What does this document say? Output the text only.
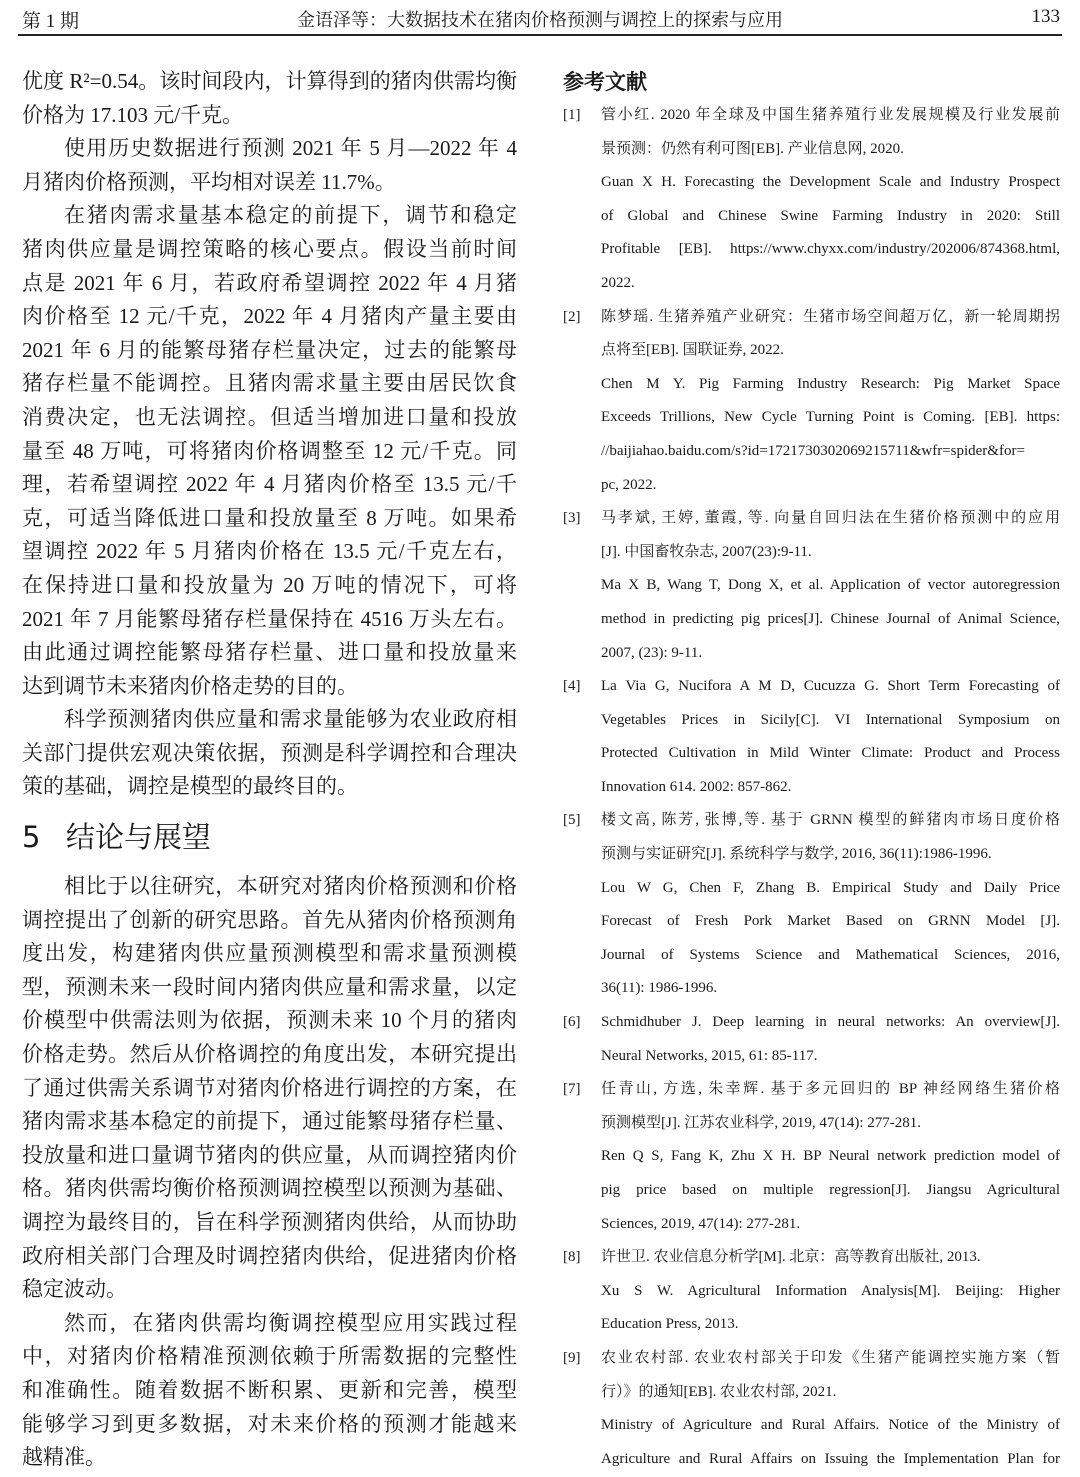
第 1 期	金语泽等：大数据技术在猪肉价格预测与调控上的探索与应用	133
优度 R²=0.54。该时间段内，计算得到的猪肉供需均衡
价格为 17.103 元/千克。
使用历史数据进行预测 2021 年 5 月—2022 年 4
月猪肉价格预测，平均相对误差 11.7%。
在猪肉需求量基本稳定的前提下，调节和稳定
猪肉供应量是调控策略的核心要点。假设当前时间
点是 2021 年 6 月，若政府希望调控 2022 年 4 月猪
肉价格至 12 元/千克，2022 年 4 月猪肉产量主要由
2021 年 6 月的能繁母猪存栏量决定，过去的能繁母
猪存栏量不能调控。且猪肉需求量主要由居民饮食
消费决定，也无法调控。但适当增加进口量和投放
量至 48 万吨，可将猪肉价格调整至 12 元/千克。同
理，若希望调控 2022 年 4 月猪肉价格至 13.5 元/千
克，可适当降低进口量和投放量至 8 万吨。如果希
望调控 2022 年 5 月猪肉价格在 13.5 元/千克左右，
在保持进口量和投放量为 20 万吨的情况下，可将
2021 年 7 月能繁母猪存栏量保持在 4516 万头左右。
由此通过调控能繁母猪存栏量、进口量和投放量来
达到调节未来猪肉价格走势的目的。
科学预测猪肉供应量和需求量能够为农业政府相
关部门提供宏观决策依据，预测是科学调控和合理决
策的基础，调控是模型的最终目的。
5 结论与展望
相比于以往研究，本研究对猪肉价格预测和价格
调控提出了创新的研究思路。首先从猪肉价格预测角
度出发，构建猪肉供应量预测模型和需求量预测模
型，预测未来一段时间内猪肉供应量和需求量，以定
价模型中供需法则为依据，预测未来 10 个月的猪肉
价格走势。然后从价格调控的角度出发，本研究提出
了通过供需关系调节对猪肉价格进行调控的方案，在
猪肉需求基本稳定的前提下，通过能繁母猪存栏量、
投放量和进口量调节猪肉的供应量，从而调控猪肉价
格。猪肉供需均衡价格预测调控模型以预测为基础、
调控为最终目的，旨在科学预测猪肉供给，从而协助
政府相关部门合理及时调控猪肉供给，促进猪肉价格
稳定波动。
然而，在猪肉供需均衡调控模型应用实践过程
中，对猪肉价格精准预测依赖于所需数据的完整性
和准确性。随着数据不断积累、更新和完善，模型
能够学习到更多数据，对未来价格的预测才能越来
越精准。
参考文献
[1] 管小红. 2020 年全球及中国生猪养殖行业发展规模及行业发展前
景预测：仍然有利可图[EB]. 产业信息网, 2020.
Guan X H. Forecasting the Development Scale and Industry Prospect
of Global and Chinese Swine Farming Industry in 2020: Still
Profitable [EB]. https://www.chyxx.com/industry/202006/874368.html,
2022.
[2] 陈梦瑶. 生猪养殖产业研究：生猪市场空间超万亿，新一轮周期拐
点将至[EB]. 国联证券, 2022.
Chen M Y. Pig Farming Industry Research: Pig Market Space
Exceeds Trillions, New Cycle Turning Point is Coming. [EB]. https:
//baijiahao.baidu.com/s?id=1721730302069215711&wfr=spider&for=
pc, 2022.
[3] 马孝斌, 王婷, 董霞, 等. 向量自回归法在生猪价格预测中的应用
[J]. 中国畜牧杂志, 2007(23):9-11.
Ma X B, Wang T, Dong X, et al. Application of vector autoregression
method in predicting pig prices[J]. Chinese Journal of Animal Science,
2007, (23): 9-11.
[4] La Via G, Nucifora A M D, Cucuzza G. Short Term Forecasting of
Vegetables Prices in Sicily[C]. VI International Symposium on
Protected Cultivation in Mild Winter Climate: Product and Process
Innovation 614. 2002: 857-862.
[5] 楼文高, 陈芳, 张博,等. 基于 GRNN 模型的鲜猪肉市场日度价格
预测与实证研究[J]. 系统科学与数学, 2016, 36(11):1986-1996.
Lou W G, Chen F, Zhang B. Empirical Study and Daily Price
Forecast of Fresh Pork Market Based on GRNN Model [J].
Journal of Systems Science and Mathematical Sciences, 2016,
36(11): 1986-1996.
[6] Schmidhuber J. Deep learning in neural networks: An overview[J].
Neural Networks, 2015, 61: 85-117.
[7] 任青山, 方选, 朱幸辉. 基于多元回归的 BP 神经网络生猪价格
预测模型[J]. 江苏农业科学, 2019, 47(14): 277-281.
Ren Q S, Fang K, Zhu X H. BP Neural network prediction model of
pig price based on multiple regression[J]. Jiangsu Agricultural
Sciences, 2019, 47(14): 277-281.
[8] 许世卫. 农业信息分析学[M]. 北京：高等教育出版社, 2013.
Xu S W. Agricultural Information Analysis[M]. Beijing: Higher
Education Press, 2013.
[9] 农业农村部. 农业农村部关于印发《生猪产能调控实施方案（暂
行）》的通知[EB]. 农业农村部, 2021.
Ministry of Agriculture and Rural Affairs. Notice of the Ministry of
Agriculture and Rural Affairs on Issuing the Implementation Plan for
